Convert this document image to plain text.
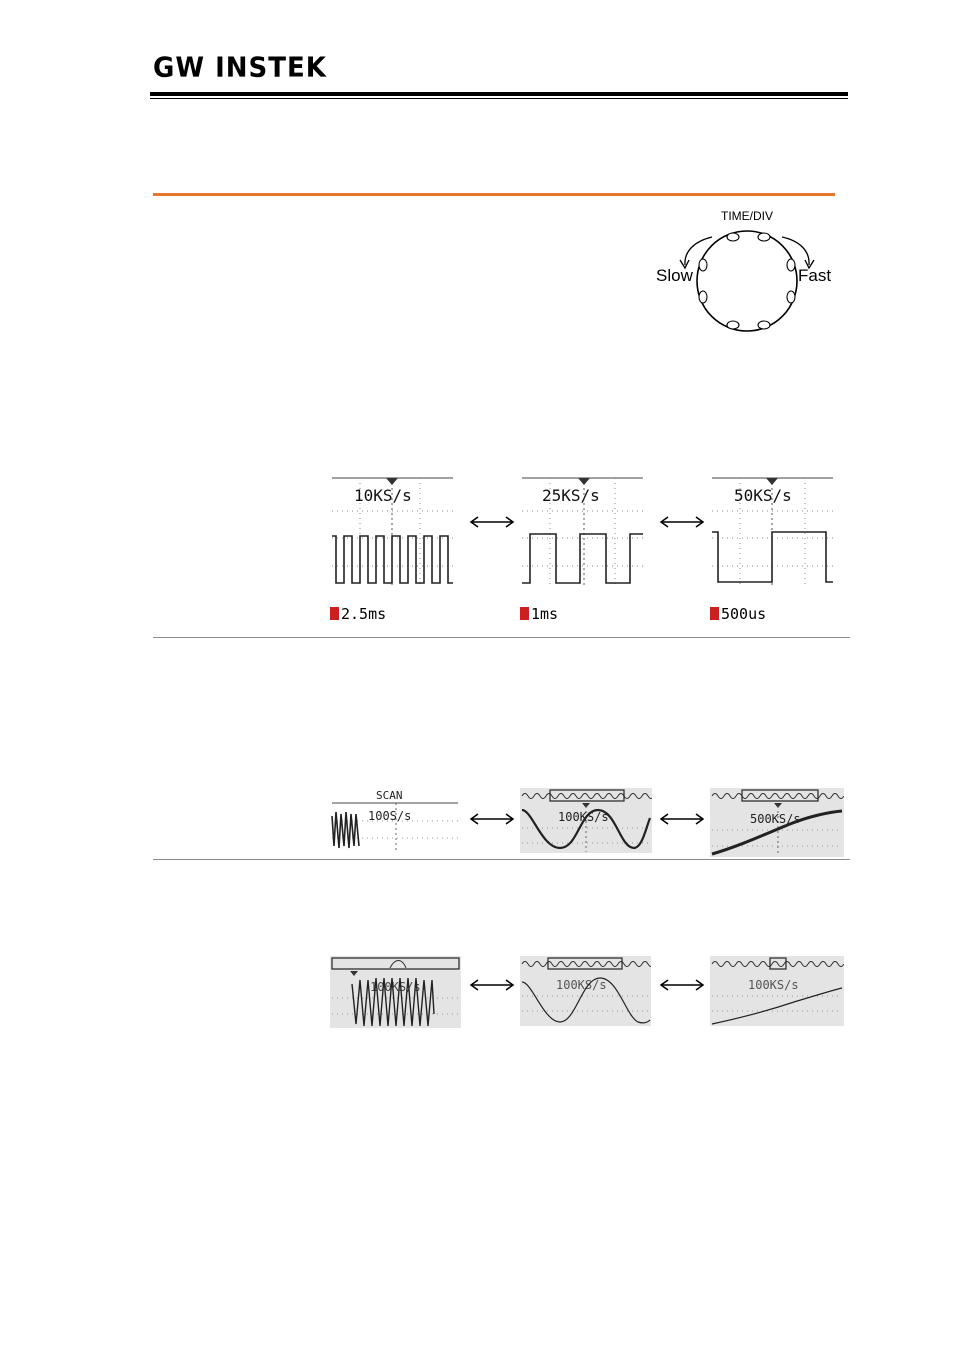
GW INSTEK
TIME/DIV
Slow	Fast
10KS/s
2.5ms
25KS/s
1ms
50KS/s
500us
SCAN
100S/s	100KS/s	500KS/s
100KS/s	100KS/s	100KS/s
